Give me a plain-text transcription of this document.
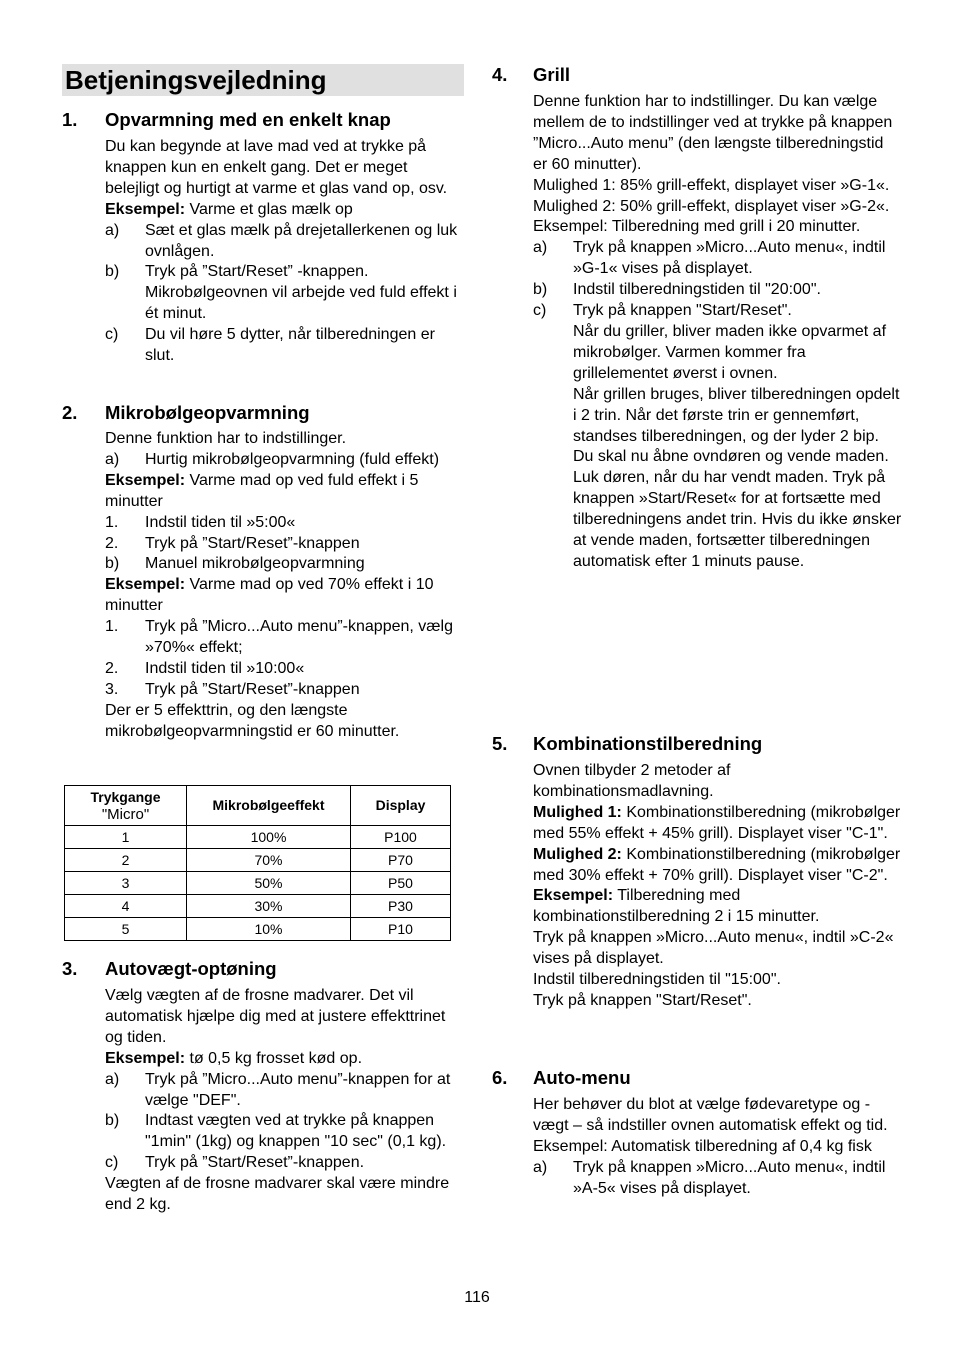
Betjeningsvejledning
1.	Opvarmning med en enkelt knap

Du kan begynde at lave mad ved at trykke på knappen kun en enkelt gang. Det er meget belejligt og hurtigt at varme et glas vand op, osv.

Eksempel: Varme et glas mælk op

a)	Sæt et glas mælk på drejetallerkenen og luk ovnlågen.
b)	Tryk på ”Start/Reset” -knappen. Mikrobølgeovnen vil arbejde ved fuld effekt i ét minut.
c)	Du vil høre 5 dytter, når tilberedningen er slut.
2.	Mikrobølgeopvarmning

Denne funktion har to indstillinger.

a)	Hurtig mikrobølgeopvarmning (fuld effekt)

Eksempel: Varme mad op ved fuld effekt i 5 minutter

1.	Indstil tiden til »5:00«
2.	Tryk på ”Start/Reset”-knappen
b)	Manuel mikrobølgeopvarmning

Eksempel: Varme mad op ved 70% effekt i 10 minutter

1.	Tryk på ”Micro...Auto menu”-knappen, vælg »70%« effekt;
2.	Indstil tiden til »10:00«
3.	Tryk på ”Start/Reset”-knappen

Der er 5 effekttrin, og den længste mikrobølgeopvarmningstid er 60 minutter.

Trykgange
"Micro"	Mikrobølgeeffekt	Display
1	100%	P100
2	70%	P70
3	50%	P50
4	30%	P30
5	10%	P10
3.	Autovægt-optøning

Vælg vægten af de frosne madvarer. Det vil automatisk hjælpe dig med at justere effekttrinet og tiden.

Eksempel: tø 0,5 kg frosset kød op.

a)	Tryk på ”Micro...Auto menu”-knappen for at vælge "DEF".
b)	Indtast vægten ved at trykke på knappen "1min" (1kg) og knappen "10 sec" (0,1 kg).
c)	Tryk på ”Start/Reset”-knappen.

Vægten af de frosne madvarer skal være mindre end 2 kg.

4.	Grill

Denne funktion har to indstillinger. Du kan vælge mellem de to indstillinger ved at trykke på knappen ”Micro...Auto menu” (den længste tilberedningstid er 60 minutter).

Mulighed 1: 85% grill-effekt, displayet viser »G-1«.

Mulighed 2: 50% grill-effekt, displayet viser »G-2«.

Eksempel: Tilberedning med grill i 20 minutter.

a)	Tryk på knappen »Micro...Auto menu«, indtil »G-1« vises på displayet.
b)	Indstil tilberedningstiden til "20:00".
c)	Tryk på knappen "Start/Reset".

Når du griller, bliver maden ikke opvarmet af mikrobølger. Varmen kommer fra grillelementet øverst i ovnen.

Når grillen bruges, bliver tilberedningen opdelt i 2 trin. Når det første trin er gennemført, standses tilberedningen, og der lyder 2 bip. Du skal nu åbne ovndøren og vende maden. Luk døren, når du har vendt maden. Tryk på knappen »Start/Reset« for at fortsætte med tilberedningens andet trin. Hvis du ikke ønsker at vende maden, fortsætter tilberedningen automatisk efter 1 minuts pause.

5.	Kombinationstilberedning

Ovnen tilbyder 2 metoder af kombinationsmadlavning.

Mulighed 1: Kombinationstilberedning (mikrobølger med 55% effekt + 45% grill). Displayet viser "C-1".

Mulighed 2: Kombinationstilberedning (mikrobølger med 30% effekt + 70% grill). Displayet viser "C-2".

Eksempel: Tilberedning med kombinationstilberedning 2 i 15 minutter.

Tryk på knappen »Micro...Auto menu«, indtil »C-2« vises på displayet.

Indstil tilberedningstiden til "15:00".

Tryk på knappen "Start/Reset".

6.	Auto-menu

Her behøver du blot at vælge fødevaretype og -vægt – så indstiller ovnen automatisk effekt og tid.

Eksempel: Automatisk tilberedning af 0,4 kg fisk

a)	Tryk på knappen »Micro...Auto menu«, indtil »A-5« vises på displayet.
116
